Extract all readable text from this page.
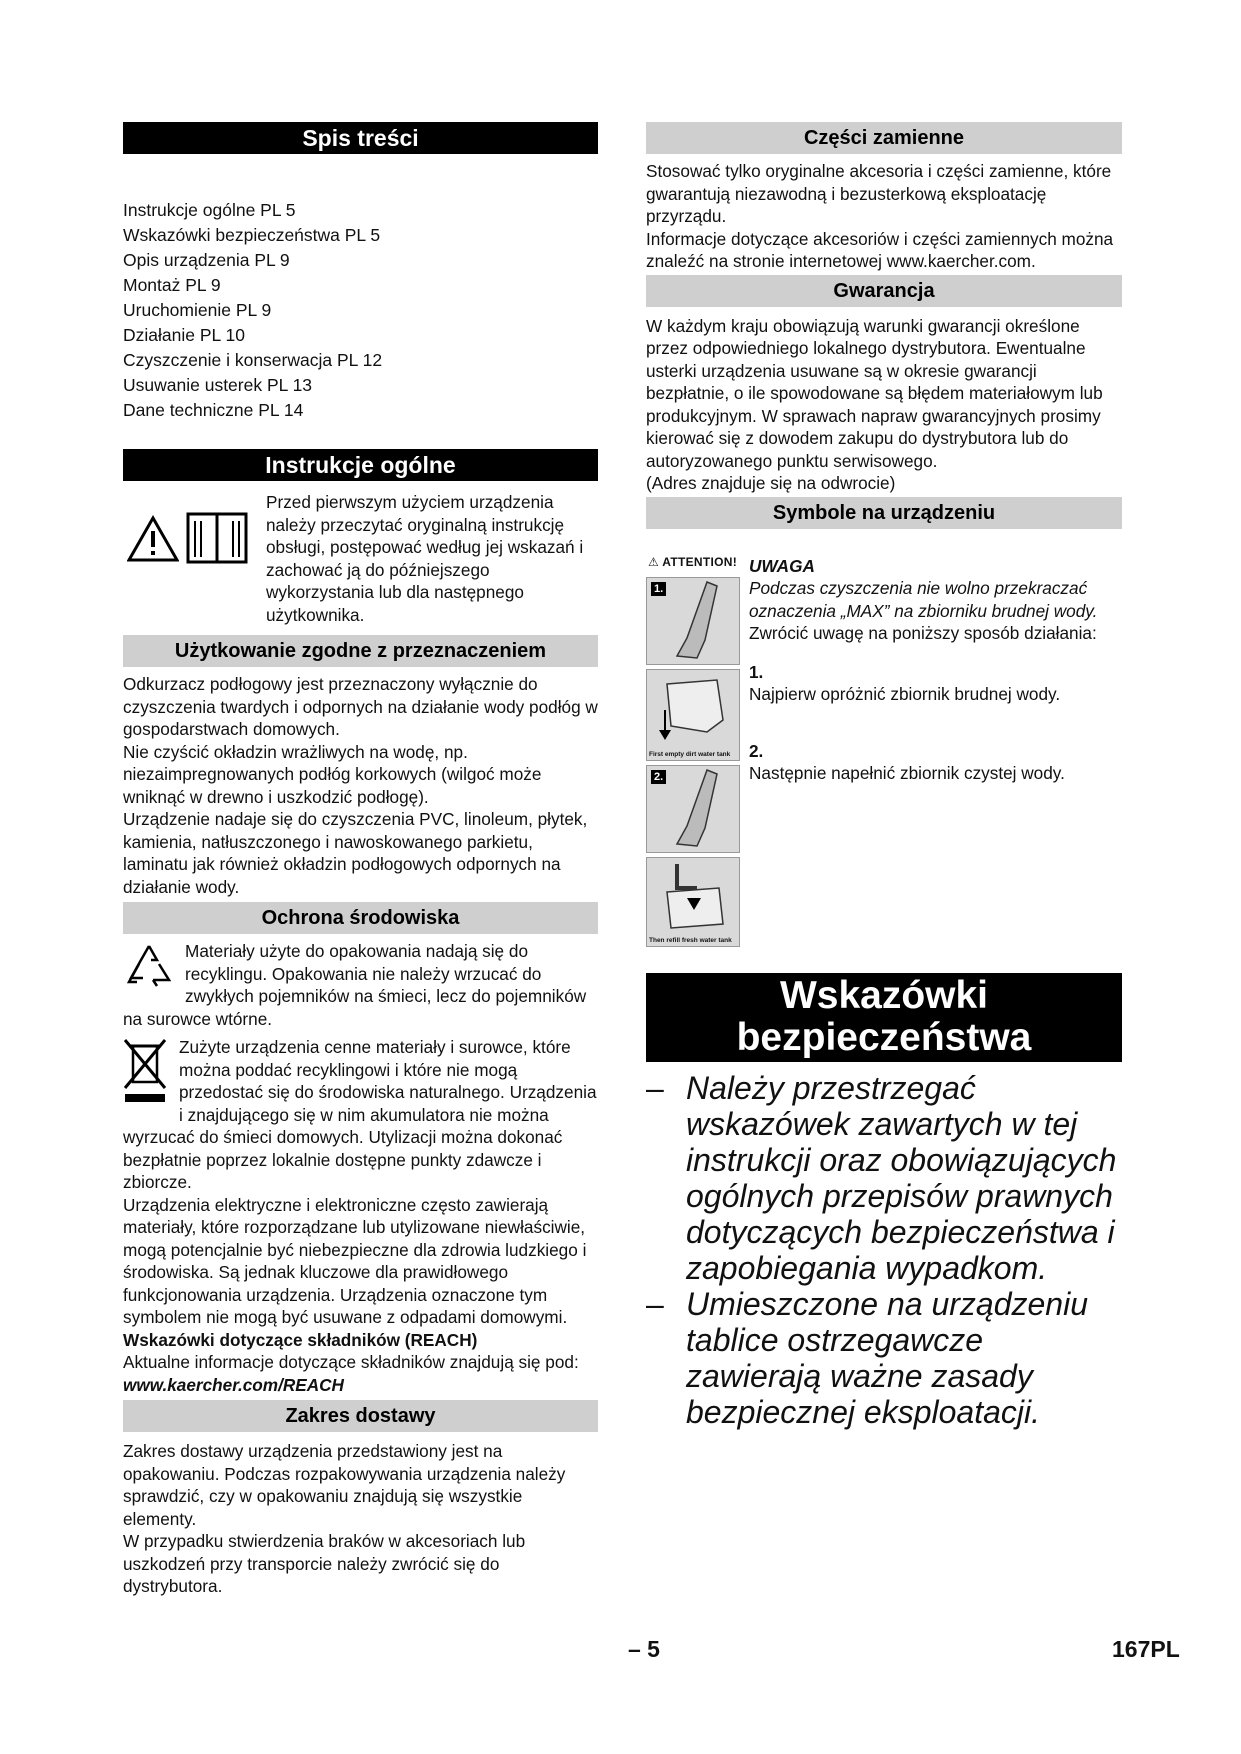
Spis treści
Instrukcje ogólne PL 5
Wskazówki bezpieczeństwa PL 5
Opis urządzenia PL 9
Montaż PL 9
Uruchomienie PL 9
Działanie PL 10
Czyszczenie i konserwacja PL 12
Usuwanie usterek PL 13
Dane techniczne PL 14
Instrukcje ogólne
Przed pierwszym użyciem urządzenia należy przeczytać oryginalną instrukcję obsługi, postępować według jej wskazań i zachować ją do późniejszego wykorzystania lub dla następnego użytkownika.
Użytkowanie zgodne z przeznaczeniem

Odkurzacz podłogowy jest przeznaczony wyłącznie do czyszczenia twardych i odpornych na działanie wody podłóg w gospodarstwach domowych.

Nie czyścić okładzin wrażliwych na wodę, np. niezaimpregnowanych podłóg korkowych (wilgoć może wniknąć w drewno i uszkodzić podłogę).

Urządzenie nadaje się do czyszczenia PVC, linoleum, płytek, kamienia, natłuszczonego i nawoskowanego parkietu, laminatu jak również okładzin podłogowych odpornych na działanie wody.

Ochrona środowiska
Materiały użyte do opakowania nadają się do recyklingu. Opakowania nie należy wrzucać do zwykłych pojemników na śmieci, lecz do pojemników na surowce wtórne.
Zużyte urządzenia cenne materiały i surowce, które można poddać recyklingowi i które nie mogą przedostać się do środowiska naturalnego. Urządzenia i znajdującego się w nim akumulatora nie można wyrzucać do śmieci domowych. Utylizacji można dokonać bezpłatnie poprzez lokalnie dostępne punkty zdawcze i zbiorcze.

Urządzenia elektryczne i elektroniczne często zawierają materiały, które rozporządzane lub utylizowane niewłaściwie, mogą potencjalnie być niebezpieczne dla zdrowia ludzkiego i środowiska. Są jednak kluczowe dla prawidłowego funkcjonowania urządzenia. Urządzenia oznaczone tym symbolem nie mogą być usuwane z odpadami domowymi.

Wskazówki dotyczące składników (REACH)

Aktualne informacje dotyczące składników znajdują się pod:

www.kaercher.com/REACH

Zakres dostawy

Zakres dostawy urządzenia przedstawiony jest na opakowaniu. Podczas rozpakowywania urządzenia należy sprawdzić, czy w opakowaniu znajdują się wszystkie elementy.

W przypadku stwierdzenia braków w akcesoriach lub uszkodzeń przy transporcie należy zwrócić się do dystrybutora.

Części zamienne

Stosować tylko oryginalne akcesoria i części zamienne, które gwarantują niezawodną i bezusterkową eksploatację przyrządu.

Informacje dotyczące akcesoriów i części zamiennych można znaleźć na stronie internetowej www.kaercher.com.

Gwarancja

W każdym kraju obowiązują warunki gwarancji określone przez odpowiedniego lokalnego dystrybutora. Ewentualne usterki urządzenia usuwane są w okresie gwarancji bezpłatnie, o ile spowodowane są błędem materiałowym lub produkcyjnym. W sprawach napraw gwarancyjnych prosimy kierować się z dowodem zakupu do dystrybutora lub do autoryzowanego punktu serwisowego.

(Adres znajduje się na odwrocie)

Symbole na urządzeniu
⚠ ATTENTION!
1.
First empty dirt water tank
2.
Then refill fresh water tank

UWAGA

Podczas czyszczenia nie wolno przekraczać oznaczenia „MAX” na zbiorniku brudnej wody.

Zwrócić uwagę na poniższy sposób działania:

1.

Najpierw opróżnić zbiornik brudnej wody.

2.

Następnie napełnić zbiornik czystej wody.

Wskazówki
bezpieczeństwa
– Należy przestrzegać wskazówek zawartych w tej instrukcji oraz obowiązujących ogólnych przepisów prawnych dotyczących bezpieczeństwa i zapobiegania wypadkom.
– Umieszczone na urządzeniu tablice ostrzegawcze zawierają ważne zasady bezpiecznej eksploatacji.
– 5	167PL
